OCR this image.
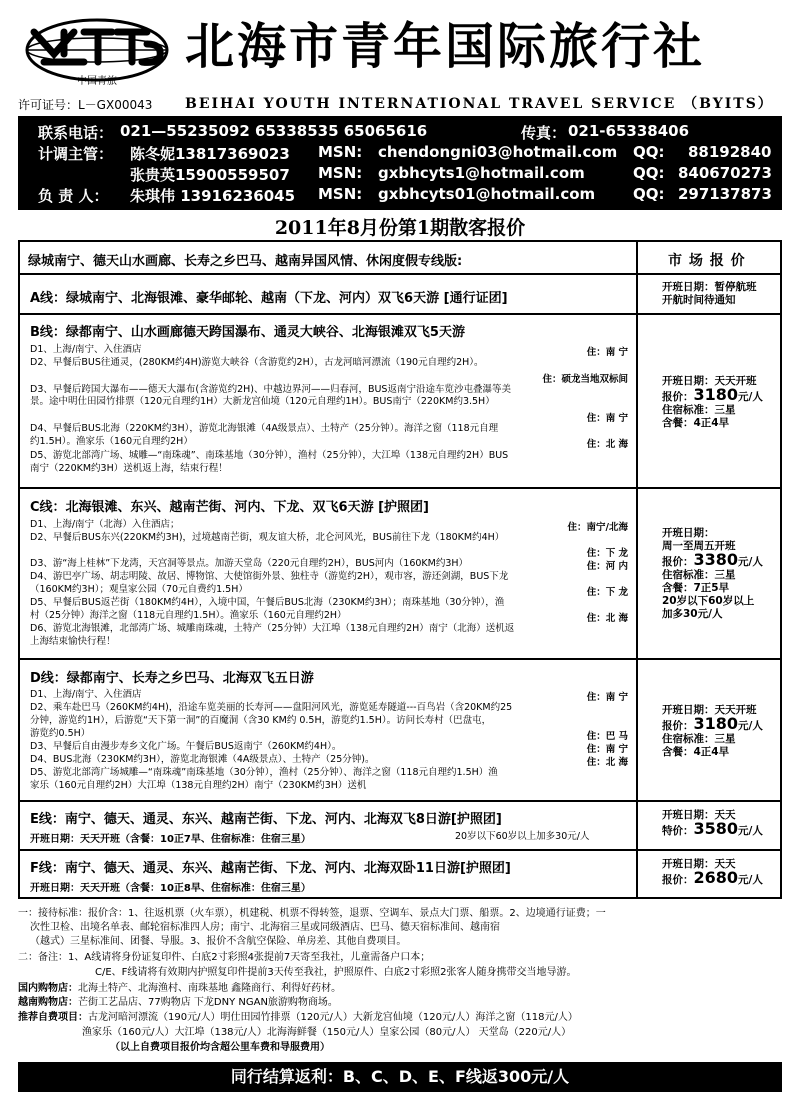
中国青旅
北海市青年国际旅行社
许可证号：L－GX00043 BEIHAI YOUTH INTERNATIONAL TRAVEL SERVICE （BYITS）
联系电话： 021—55235092 65338535 65065616	传真： 021-65338406
计调主管： 陈冬妮13817369023 MSN: chendongni03@hotmail.com QQ: 88192840
张贵英15900559507 MSN: gxbhcyts1@hotmail.com	QQ: 840670273
负 责 人： 朱琪伟 13916236045 MSN: gxbhcyts01@hotmail.com	QQ: 297137873
2011年8月份第1期散客报价
绿城南宁、德天山水画廊、长寿之乡巴马、越南异国风情、休闲度假专线版:	市 场 报 价
A线：绿城南宁、北海银滩、豪华邮轮、越南（下龙、河内）双飞6天游 [通行证团]
开班日期：暂停航班
开航时间待通知
B线：绿都南宁、山水画廊德天跨国瀑布、通灵大峡谷、北海银滩双飞5天游
D1、上海/南宁、入住酒店	住：南 宁
D2、早餐后BUS往通灵，(280KM约4H)游览大峡谷（含游览约2H），古龙河暗河漂流（190元自理约2H）。
住：硕龙当地双标间
D3、早餐后跨国大瀑布——德天大瀑布(含游览约2H)、中越边界河——归春河，BUS返南宁沿途车览沙屯叠瀑等美
景。途中明仕田园竹排票（120元自理约1H）大新龙宫仙境（120元自理约1H）。BUS南宁（220KM约3.5H）
住：南 宁
D4、早餐后BUS北海（220KM约3H），游览北海银滩（4A级景点）、土特产（25分钟）。海洋之窗（118元自理
约1.5H）。渔家乐（160元自理约2H）	住：北 海
D5、游览北部湾广场、城雕—“南珠魂”、南珠基地（30分钟），渔村（25分钟），大江埠（138元自理约2H）BUS
南宁（220KM约3H）送机返上海，结束行程！
开班日期：天天开班
报价：3180元/人
住宿标准：三星
含餐：4正4早
C线：北海银滩、东兴、越南芒街、河内、下龙、双飞6天游 [护照团]
D1、上海/南宁（北海）入住酒店；	住：南宁/北海
D2、早餐后BUS东兴(220KM约3H)，过境越南芒街，观友谊大桥，北仑河风光，BUS前往下龙（180KM约4H）
住：下 龙
D3、游“海上桂林”下龙湾，天宫洞等景点。加游天堂岛（220元自理约2H），BUS河内（160KM约3H）	住：河 内
D4、游巴亭广场、胡志明陵、故居、博物馆、大使馆街外景、独柱寺（游览约2H），观市容，游还剑湖，BUS下龙
（160KM约3H）；观皇家公园（70元自费约1.5H）	住：下 龙
D5、早餐后BUS返芒街（180KM约4H），入境中国，午餐后BUS北海（230KM约3H）；南珠基地（30分钟），渔
村（25分钟）海洋之窗（118元自理约1.5H）。渔家乐（160元自理约2H）	住：北 海
D6、游览北海银滩，北部湾广场、城雕南珠魂，土特产（25分钟）大江埠（138元自理约2H）南宁（北海）送机返
上海结束愉快行程！
开班日期：
周一至周五开班
报价：3380元/人
住宿标准：三星
含餐：7正5早
20岁以下60岁以上
加多30元/人
D线：绿都南宁、长寿之乡巴马、北海双飞五日游
D1、上海/南宁、入住酒店	住：南 宁
D2、乘车赴巴马（260KM约4H)，沿途车览美丽的长寿河——盘阳河风光，游览延寿隧道---百鸟岩（含20KM约25
分钟，游览约1H），后游览“天下第一洞”的百魔洞（含30 KM约 0.5H，游览约1.5H）。访问长寿村（巴盘屯，
游览约0.5H）	住：巴 马
D3、早餐后自由漫步寿乡文化广场。午餐后BUS返南宁（260KM约4H）。	住：南 宁
D4、BUS北海（230KM约3H），游览北海银滩（4A级景点）、土特产（25分钟)。	住：北 海
D5、游览北部湾广场城雕—“南珠魂”南珠基地（30分钟），渔村（25分钟）、海洋之窗（118元自理约1.5H）渔
家乐（160元自理约2H）大江埠（138元自理约2H）南宁（230KM约3H）送机
开班日期：天天开班
报价：3180元/人
住宿标准：三星
含餐：4正4早
E线：南宁、德天、通灵、东兴、越南芒街、下龙、河内、北海双飞8日游[护照团]
开班日期：天天开班（含餐：10正7早、住宿标准：住宿三星）	20岁以下60岁以上加多30元/人
开班日期：天天
特价：3580元/人
F线：南宁、德天、通灵、东兴、越南芒街、下龙、河内、北海双卧11日游[护照团]
开班日期：天天开班（含餐：10正8早、住宿标准：住宿三星）
开班日期：天天
报价：2680元/人
一：接待标准：报价含：1、往返机票（火车票），机建税、机票不得转签，退票、空调车、景点大门票、船票。2、边境通行证费；一
次性卫检、出境名单表、邮轮宿标准四人房；南宁、北海宿三星或同级酒店、巴马、德天宿标准间、越南宿
（越式）三星标准间、团餐、导服。3、报价不含航空保险、单房差、其他自费项目。
二：备注：1、A线请将身份证复印件、白底2寸彩照4张提前7天寄至我社，儿童需备户口本；
C/E、F线请将有效期内护照复印件提前3天传至我社，护照原件、白底2寸彩照2张客人随身携带交当地导游。
国内购物店：北海土特产、北海渔村、南珠基地 鑫隆商行、利得好药材。
越南购物店：芒街工艺品店、77购物店 下龙DNY NGAN旅游购物商场。
推荐自费项目：古龙河暗河漂流（190元/人）明仕田园竹排票（120元/人）大新龙宫仙境（120元/人）海洋之窗（118元/人）
渔家乐（160元/人）大江埠（138元/人）北海海鲜餐（150元/人）皇家公园（80元/人） 天堂岛（220元/人）
（以上自费项目报价均含超公里车费和导服费用）
同行结算返利：B、C、D、E、F线返300元/人
